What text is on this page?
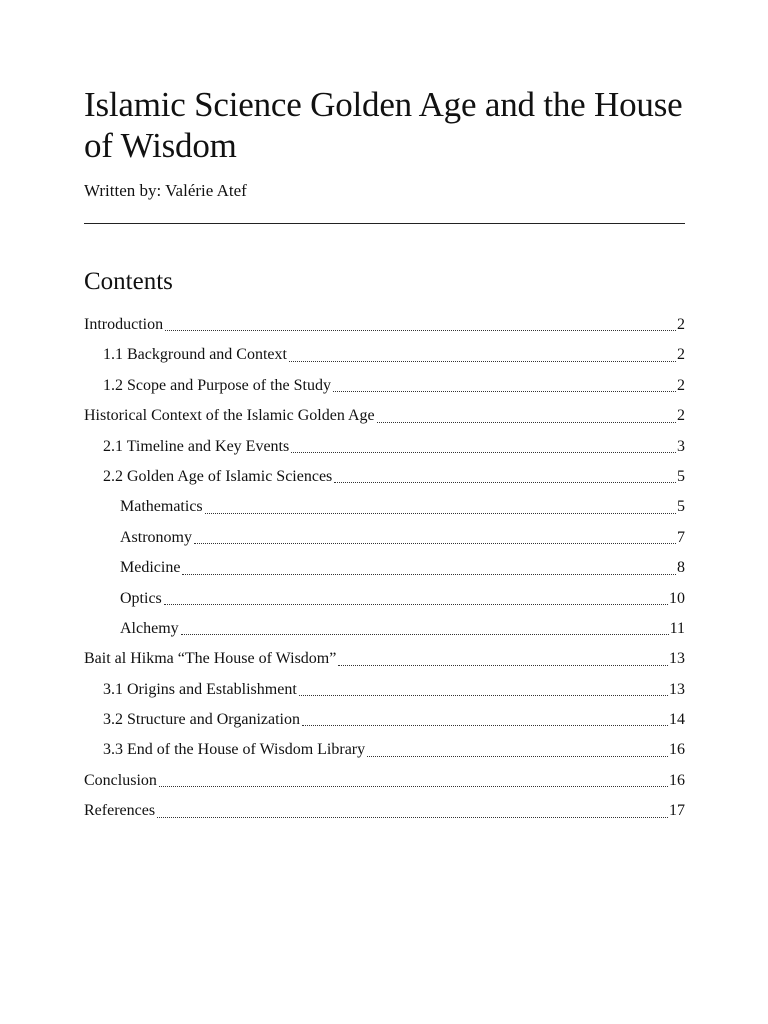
Islamic Science Golden Age and the House of Wisdom
Written by: Valérie Atef
Contents
Introduction	2
1.1 Background and Context	2
1.2 Scope and Purpose of the Study	2
Historical Context of the Islamic Golden Age	2
2.1 Timeline and Key Events	3
2.2 Golden Age of Islamic Sciences	5
Mathematics	5
Astronomy	7
Medicine	8
Optics	10
Alchemy	11
Bait al Hikma “The House of Wisdom”	13
3.1 Origins and Establishment	13
3.2 Structure and Organization	14
3.3 End of the House of Wisdom Library	16
Conclusion	16
References	17
